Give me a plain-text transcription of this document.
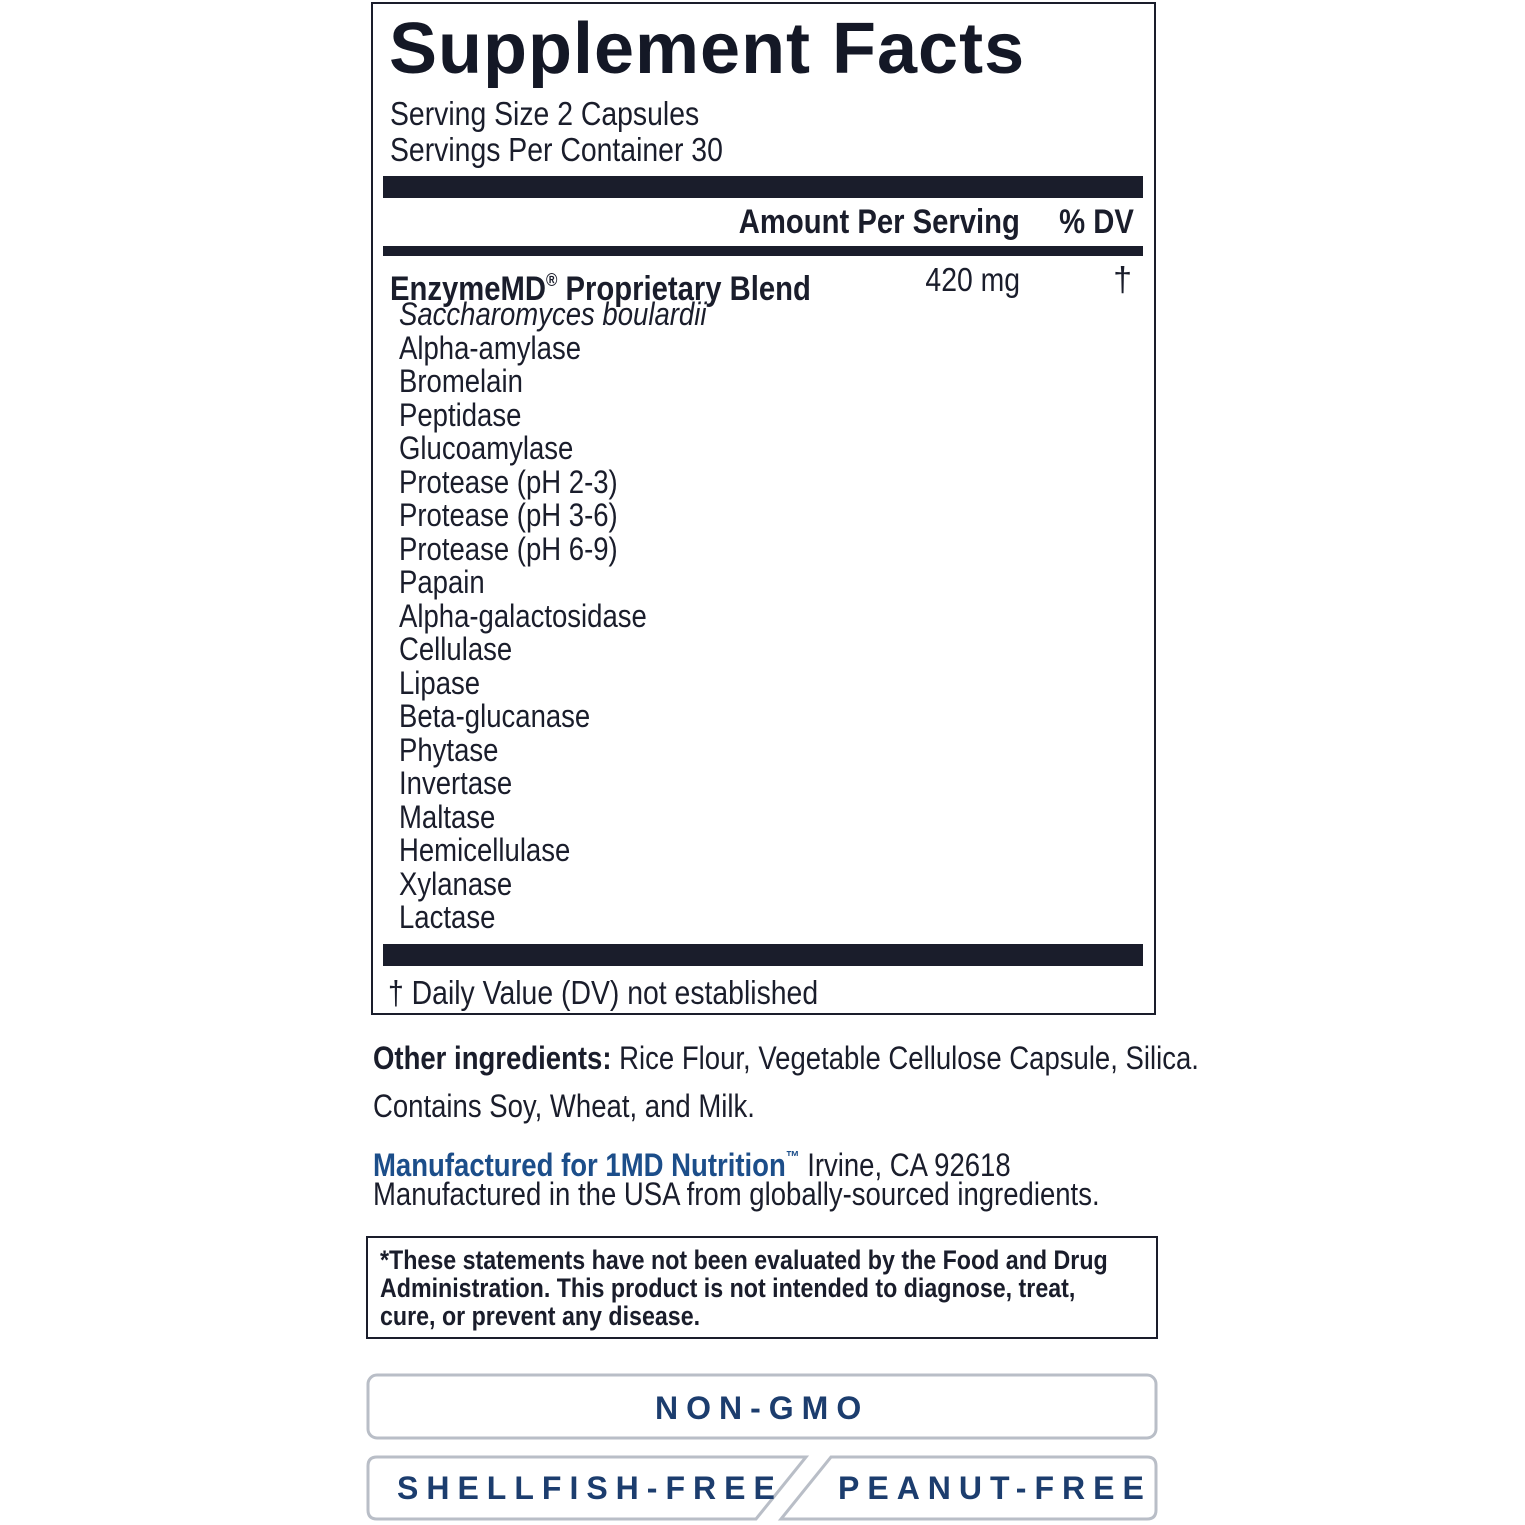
Supplement Facts
Serving Size 2 Capsules
Servings Per Container 30
Amount Per Serving	% DV
EnzymeMD® Proprietary Blend	420 mg	†
Saccharomyces boulardii
Alpha-amylase
Bromelain
Peptidase
Glucoamylase
Protease (pH 2-3)
Protease (pH 3-6)
Protease (pH 6-9)
Papain
Alpha-galactosidase
Cellulase
Lipase
Beta-glucanase
Phytase
Invertase
Maltase
Hemicellulase
Xylanase
Lactase
† Daily Value (DV) not established
Other ingredients: Rice Flour, Vegetable Cellulose Capsule, Silica.
Contains Soy, Wheat, and Milk.
Manufactured for 1MD Nutrition™ Irvine, CA 92618
Manufactured in the USA from globally-sourced ingredients.
*These statements have not been evaluated by the Food and Drug Administration. This product is not intended to diagnose, treat, cure, or prevent any disease.
NON-GMO
SHELLFISH-FREE PEANUT-FREE
